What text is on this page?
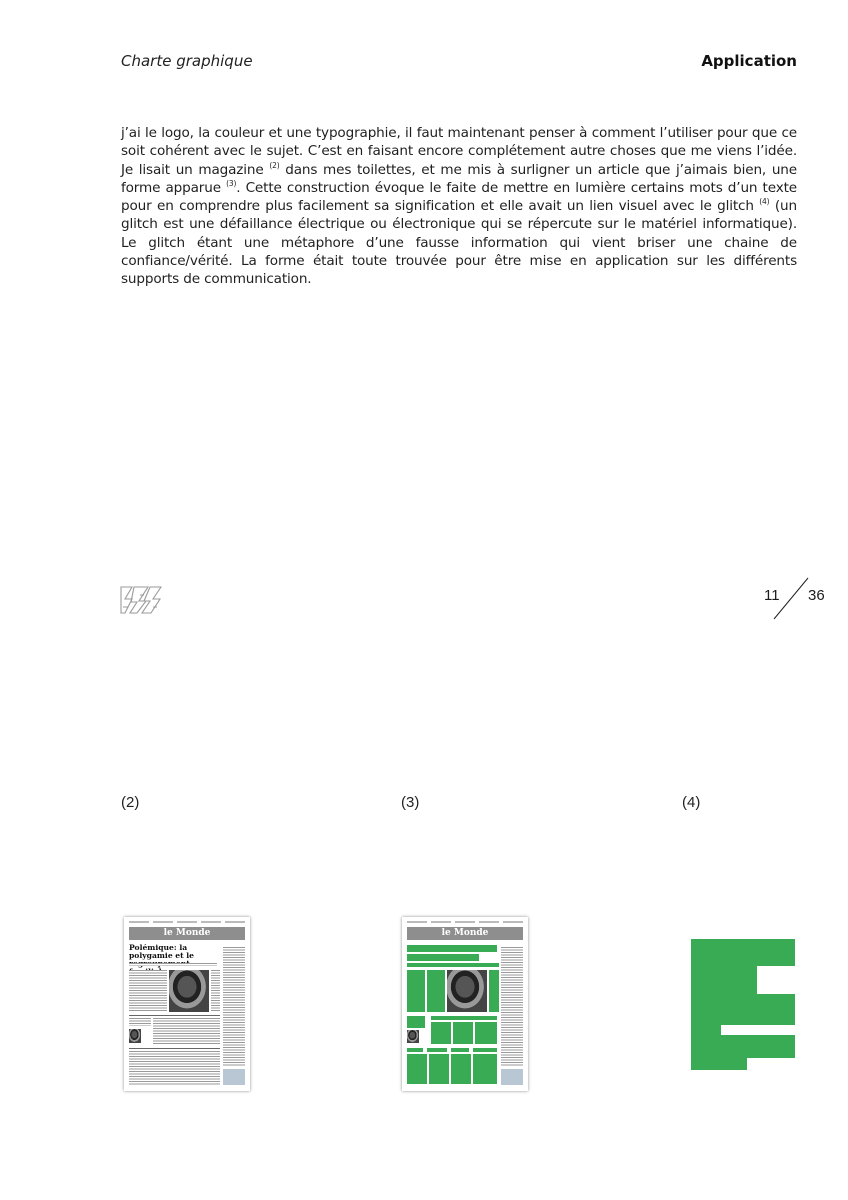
Charte graphique	Application

j’ai le logo, la couleur et une typographie, il faut maintenant penser à comment l’utiliser pour que ce soit cohérent avec le sujet. C’est en faisant encore complétement autre choses que me viens l’idée. Je lisait un magazine $^{(2)}$ dans mes toilettes, et me mis à surligner un article que j’aimais bien, une forme apparue $^{(3)}$. Cette construction évoque le faite de mettre en lumière certains mots d’un texte pour en comprendre plus facilement sa signification et elle avait un lien visuel avec le glitch $^{(4)}$ (un glitch est une défaillance électrique ou électronique qui se répercute sur le matériel informatique). Le glitch étant une métaphore d’une fausse information qui vient briser une chaine de confiance/vérité. La forme était toute trouvée pour être mise en application sur les différents supports de communication.

11 36
(2)	(3)	(4)
le Monde
Polémique: la polygamie et le
le Monde
